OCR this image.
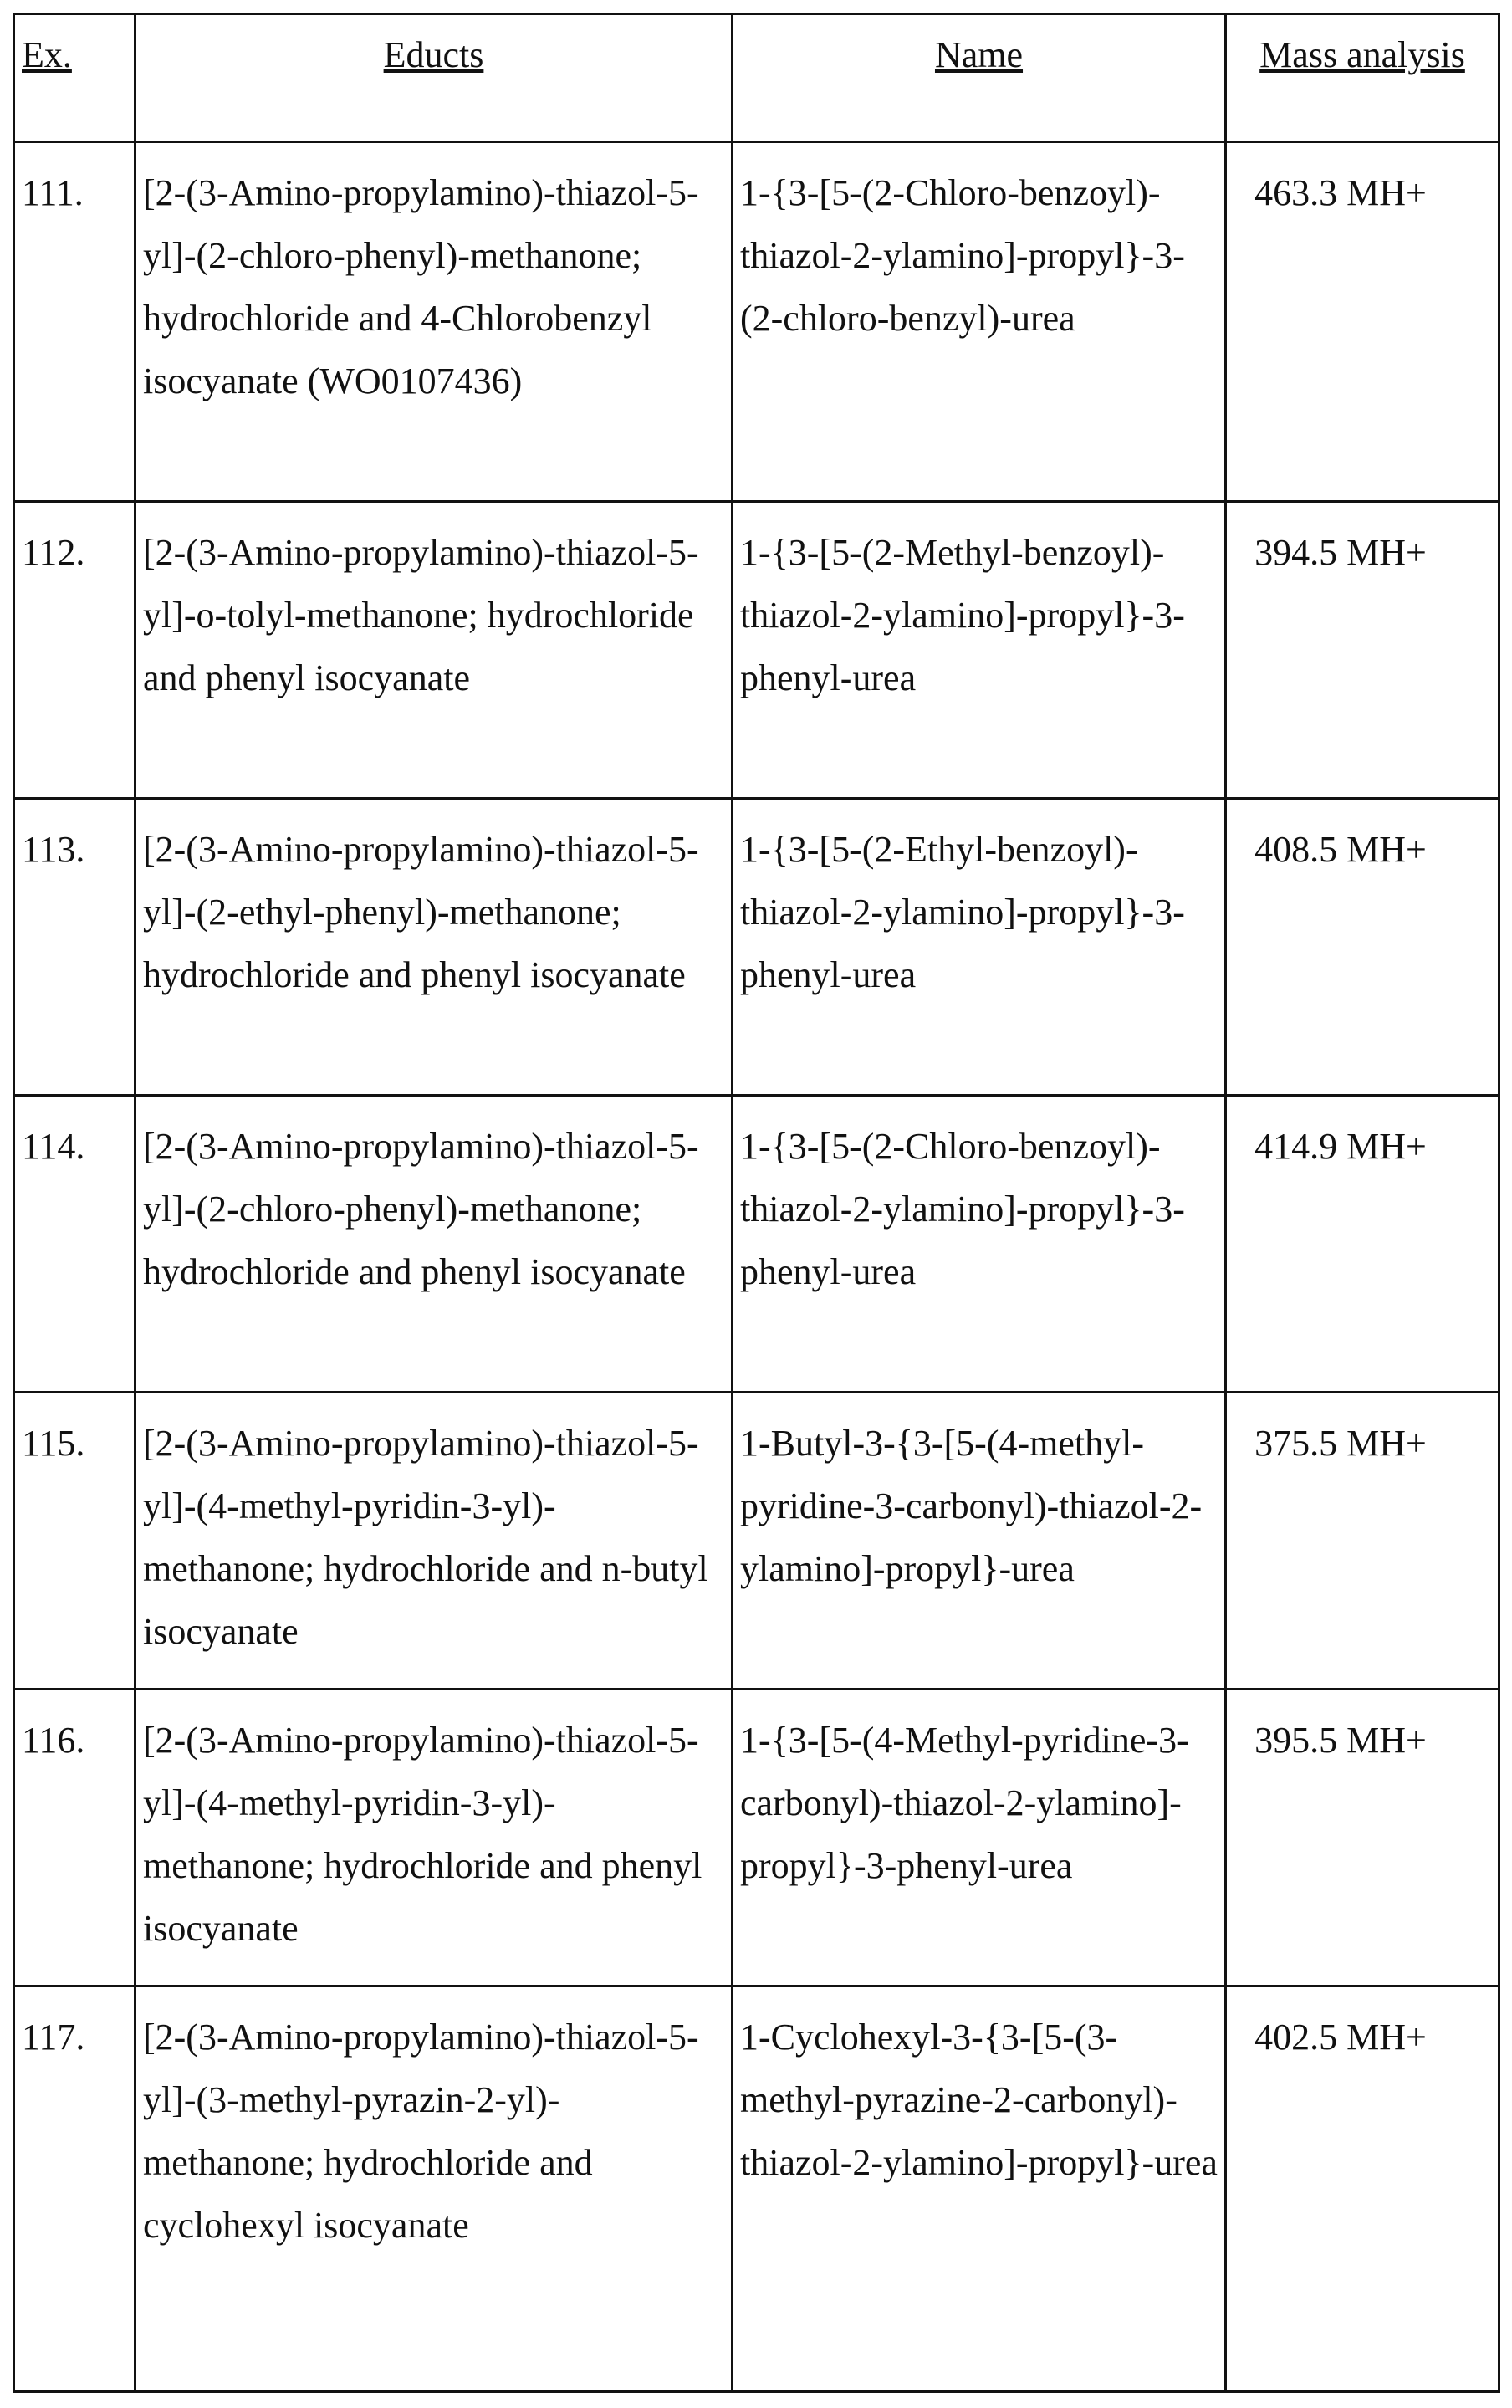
Ex.	Educts	Name	Mass analysis
111.	[2-(3-Amino-propylamino)-thiazol-5-yl]-(2-chloro-phenyl)-methanone; hydrochloride and 4-Chlorobenzyl isocyanate (WO0107436)	1-{3-[5-(2-Chloro-benzoyl)-thiazol-2-ylamino]-propyl}-3-(2-chloro-benzyl)-urea	463.3 MH+
112.	[2-(3-Amino-propylamino)-thiazol-5-yl]-o-tolyl-methanone; hydrochloride and phenyl isocyanate	1-{3-[5-(2-Methyl-benzoyl)-thiazol-2-ylamino]-propyl}-3-phenyl-urea	394.5 MH+
113.	[2-(3-Amino-propylamino)-thiazol-5-yl]-(2-ethyl-phenyl)-methanone; hydrochloride and phenyl isocyanate	1-{3-[5-(2-Ethyl-benzoyl)-thiazol-2-ylamino]-propyl}-3-phenyl-urea	408.5 MH+
114.	[2-(3-Amino-propylamino)-thiazol-5-yl]-(2-chloro-phenyl)-methanone; hydrochloride and phenyl isocyanate	1-{3-[5-(2-Chloro-benzoyl)-thiazol-2-ylamino]-propyl}-3-phenyl-urea	414.9 MH+
115.	[2-(3-Amino-propylamino)-thiazol-5-yl]-(4-methyl-pyridin-3-yl)-methanone; hydrochloride and n-butyl isocyanate	1-Butyl-3-{3-[5-(4-methyl-pyridine-3-carbonyl)-thiazol-2-ylamino]-propyl}-urea	375.5 MH+
116.	[2-(3-Amino-propylamino)-thiazol-5-yl]-(4-methyl-pyridin-3-yl)-methanone; hydrochloride and phenyl isocyanate	1-{3-[5-(4-Methyl-pyridine-3-carbonyl)-thiazol-2-ylamino]-propyl}-3-phenyl-urea	395.5 MH+
117.	[2-(3-Amino-propylamino)-thiazol-5-yl]-(3-methyl-pyrazin-2-yl)-methanone; hydrochloride and cyclohexyl isocyanate	1-Cyclohexyl-3-{3-[5-(3-methyl-pyrazine-2-carbonyl)-thiazol-2-ylamino]-propyl}-urea	402.5 MH+
